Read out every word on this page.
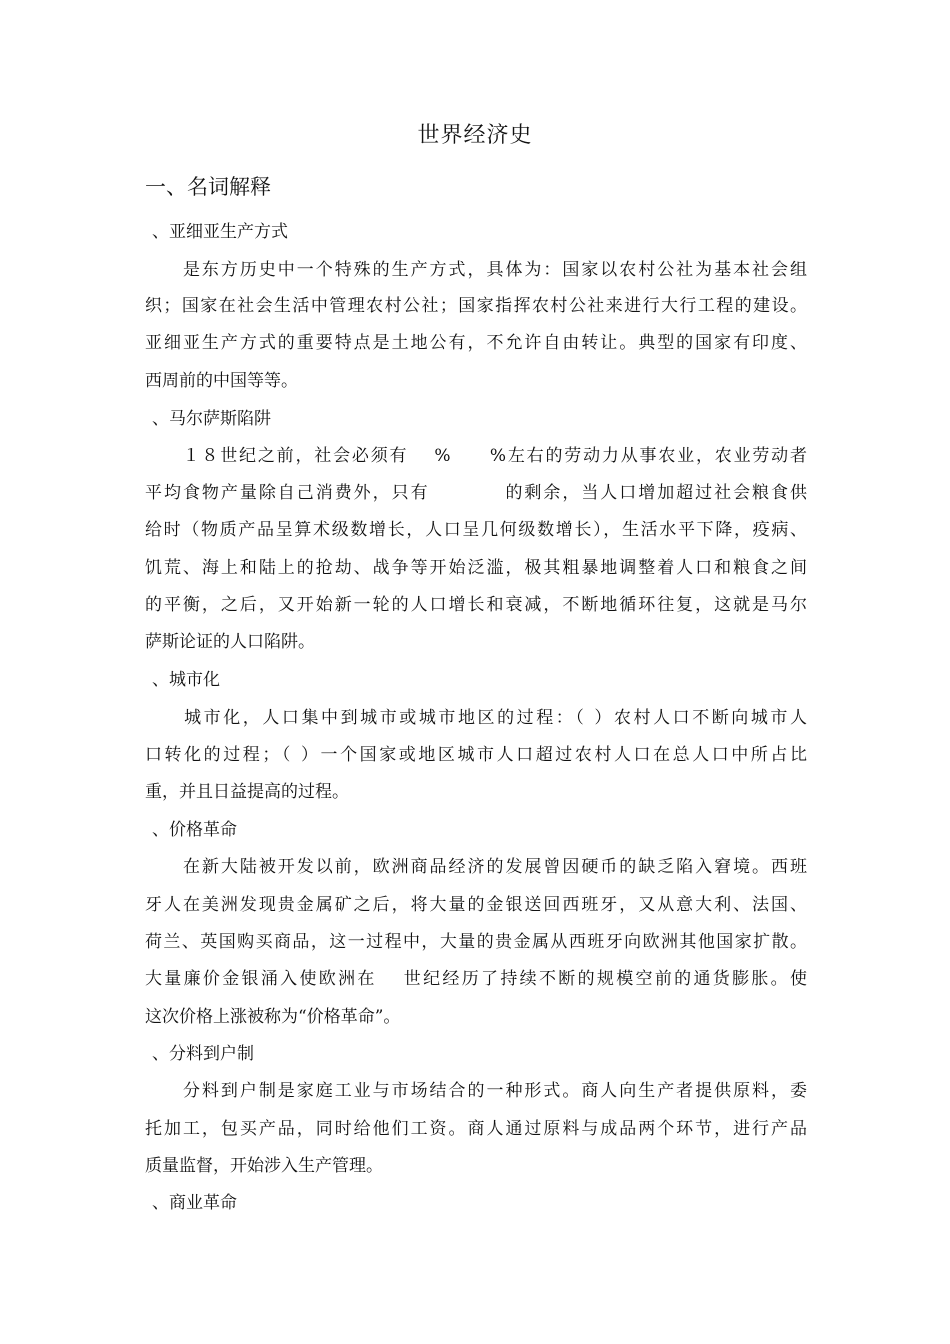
世界经济史
一、名词解释
、亚细亚生产方式
　　是东方历史中一个特殊的生产方式，具体为：国家以农村公社为基本社会组
织；国家在社会生活中管理农村公社；国家指挥农村公社来进行大行工程的建设。
亚细亚生产方式的重要特点是土地公有，不允许自由转让。典型的国家有印度、
西周前的中国等等。
、马尔萨斯陷阱
　　１８世纪之前，社会必须有　 %　　%左右的劳动力从事农业，农业劳动者
平均食物产量除自己消费外，只有　　　　的剩余，当人口增加超过社会粮食供
给时（物质产品呈算术级数增长，人口呈几何级数增长），生活水平下降，疫病、
饥荒、海上和陆上的抢劫、战争等开始泛滥，极其粗暴地调整着人口和粮食之间
的平衡，之后，又开始新一轮的人口增长和衰减，不断地循环往复，这就是马尔
萨斯论证的人口陷阱。
、城市化
　　城市化，人口集中到城市或城市地区的过程：（ ）农村人口不断向城市人
口转化的过程；（ ）一个国家或地区城市人口超过农村人口在总人口中所占比
重，并且日益提高的过程。
、价格革命
　　在新大陆被开发以前，欧洲商品经济的发展曾因硬币的缺乏陷入窘境。西班
牙人在美洲发现贵金属矿之后，将大量的金银送回西班牙，又从意大利、法国、
荷兰、英国购买商品，这一过程中，大量的贵金属从西班牙向欧洲其他国家扩散。
大量廉价金银涌入使欧洲在　 世纪经历了持续不断的规模空前的通货膨胀。使
这次价格上涨被称为“价格革命”。
、分料到户制
　　分料到户制是家庭工业与市场结合的一种形式。商人向生产者提供原料，委
托加工，包买产品，同时给他们工资。商人通过原料与成品两个环节，进行产品
质量监督，开始涉入生产管理。
、商业革命
